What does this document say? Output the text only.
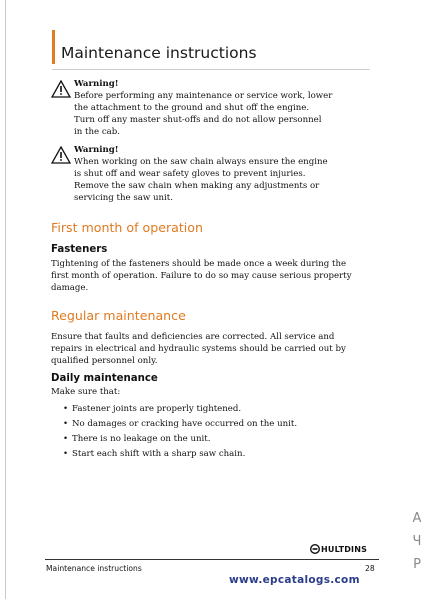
Maintenance instructions
Warning!
Before performing any maintenance or service work, lower
the attachment to the ground and shut off the engine.
Turn off any master shut-offs and do not allow personnel
in the cab.
Warning!
When working on the saw chain always ensure the engine
is shut off and wear safety gloves to prevent injuries.
Remove the saw chain when making any adjustments or
servicing the saw unit.
First month of operation
Fasteners
Tightening of the fasteners should be made once a week during the
first month of operation. Failure to do so may cause serious property
damage.
Regular maintenance
Ensure that faults and deficiencies are corrected. All service and
repairs in electrical and hydraulic systems should be carried out by
qualified personnel only.
Daily maintenance
Make sure that:
• Fastener joints are properly tightened.
• No damages or cracking have occurred on the unit.
• There is no leakage on the unit.
• Start each shift with a sharp saw chain.
А
Ч
Р
HULTDINS
Maintenance instructions	28
www.epcatalogs.com
